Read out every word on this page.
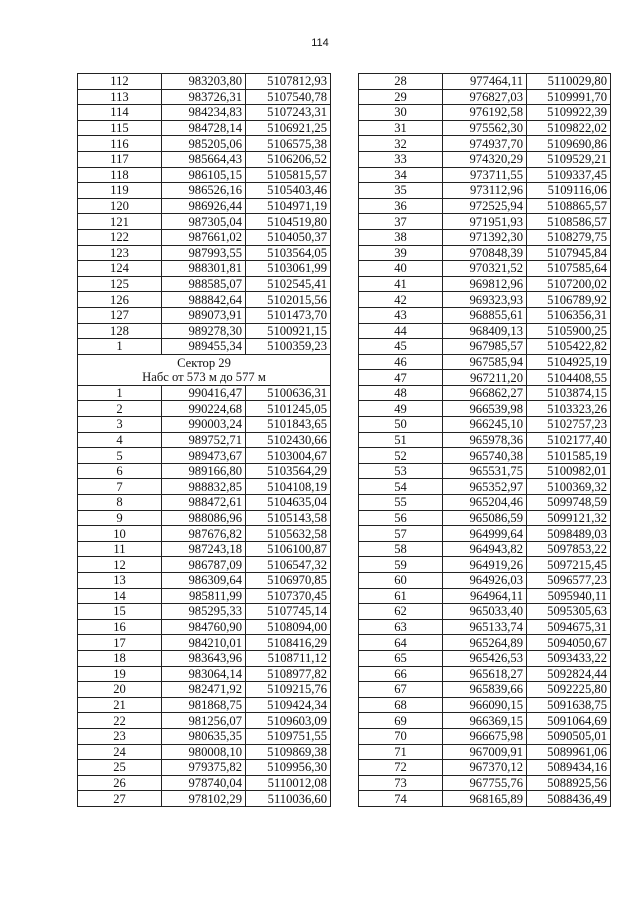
114
112	983203,80	5107812,93
113	983726,31	5107540,78
114	984234,83	5107243,31
115	984728,14	5106921,25
116	985205,06	5106575,38
117	985664,43	5106206,52
118	986105,15	5105815,57
119	986526,16	5105403,46
120	986926,44	5104971,19
121	987305,04	5104519,80
122	987661,02	5104050,37
123	987993,55	5103564,05
124	988301,81	5103061,99
125	988585,07	5102545,41
126	988842,64	5102015,56
127	989073,91	5101473,70
128	989278,30	5100921,15
1	989455,34	5100359,23

Сектор 29
Набс от 573 м до 577 м		

1	990416,47	5100636,31
2	990224,68	5101245,05
3	990003,24	5101843,65
4	989752,71	5102430,66
5	989473,67	5103004,67
6	989166,80	5103564,29
7	988832,85	5104108,19
8	988472,61	5104635,04
9	988086,96	5105143,58
10	987676,82	5105632,58
11	987243,18	5106100,87
12	986787,09	5106547,32
13	986309,64	5106970,85
14	985811,99	5107370,45
15	985295,33	5107745,14
16	984760,90	5108094,00
17	984210,01	5108416,29
18	983643,96	5108711,12
19	983064,14	5108977,82
20	982471,92	5109215,76
21	981868,75	5109424,34
22	981256,07	5109603,09
23	980635,35	5109751,55
24	980008,10	5109869,38
25	979375,82	5109956,30
26	978740,04	5110012,08
27	978102,29	5110036,60
28	977464,11	5110029,80
29	976827,03	5109991,70
30	976192,58	5109922,39
31	975562,30	5109822,02
32	974937,70	5109690,86
33	974320,29	5109529,21
34	973711,55	5109337,45
35	973112,96	5109116,06
36	972525,94	5108865,57
37	971951,93	5108586,57
38	971392,30	5108279,75
39	970848,39	5107945,84
40	970321,52	5107585,64
41	969812,96	5107200,02
42	969323,93	5106789,92
43	968855,61	5106356,31
44	968409,13	5105900,25
45	967985,57	5105422,82
46	967585,94	5104925,19
47	967211,20	5104408,55
48	966862,27	5103874,15
49	966539,98	5103323,26
50	966245,10	5102757,23
51	965978,36	5102177,40
52	965740,38	5101585,19
53	965531,75	5100982,01
54	965352,97	5100369,32
55	965204,46	5099748,59
56	965086,59	5099121,32
57	964999,64	5098489,03
58	964943,82	5097853,22
59	964919,26	5097215,45
60	964926,03	5096577,23
61	964964,11	5095940,11
62	965033,40	5095305,63
63	965133,74	5094675,31
64	965264,89	5094050,67
65	965426,53	5093433,22
66	965618,27	5092824,44
67	965839,66	5092225,80
68	966090,15	5091638,75
69	966369,15	5091064,69
70	966675,98	5090505,01
71	967009,91	5089961,06
72	967370,12	5089434,16
73	967755,76	5088925,56
74	968165,89	5088436,49
